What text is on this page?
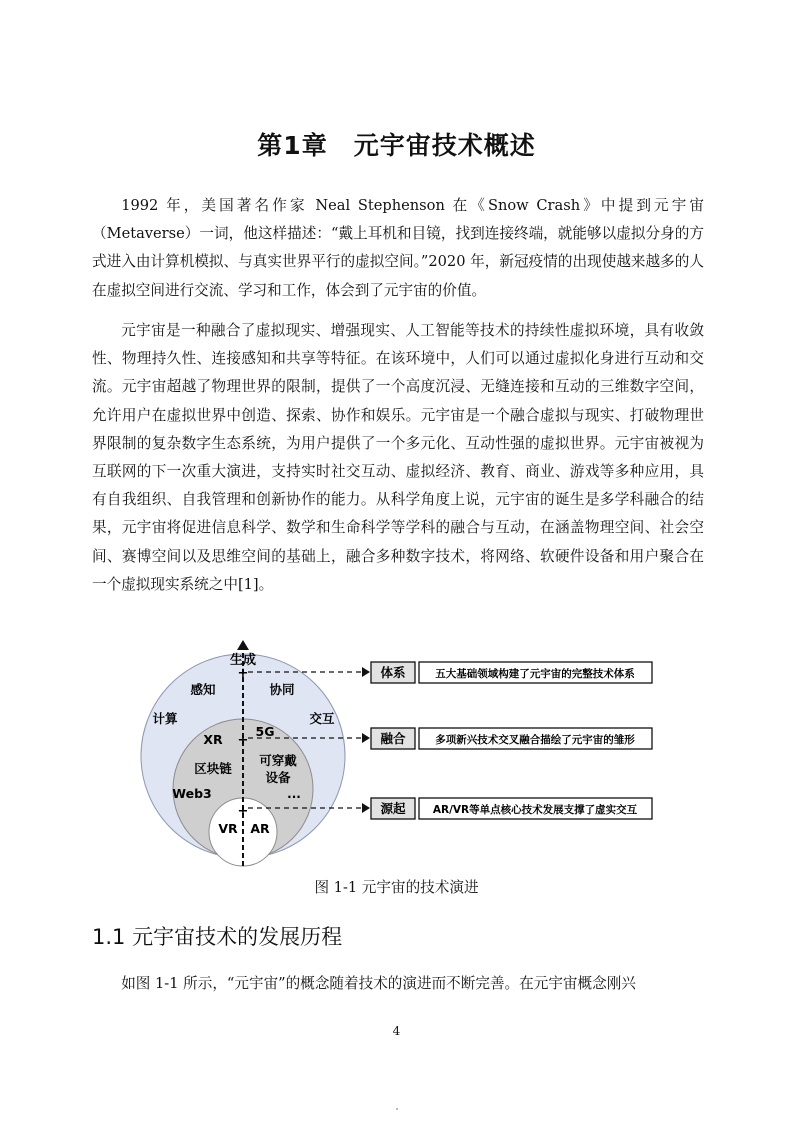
第1章　元宇宙技术概述

1992 年，美国著名作家 Neal Stephenson 在《Snow Crash》中提到元宇宙（Metaverse）一词，他这样描述：“戴上耳机和目镜，找到连接终端，就能够以虚拟分身的方式进入由计算机模拟、与真实世界平行的虚拟空间。”2020 年，新冠疫情的出现使越来越多的人在虚拟空间进行交流、学习和工作，体会到了元宇宙的价值。

元宇宙是一种融合了虚拟现实、增强现实、人工智能等技术的持续性虚拟环境，具有收敛性、物理持久性、连接感知和共享等特征。在该环境中，人们可以通过虚拟化身进行互动和交流。元宇宙超越了物理世界的限制，提供了一个高度沉浸、无缝连接和互动的三维数字空间，允许用户在虚拟世界中创造、探索、协作和娱乐。元宇宙是一个融合虚拟与现实、打破物理世界限制的复杂数字生态系统，为用户提供了一个多元化、互动性强的虚拟世界。元宇宙被视为互联网的下一次重大演进，支持实时社交互动、虚拟经济、教育、商业、游戏等多种应用，具有自我组织、自我管理和创新协作的能力。从科学角度上说，元宇宙的诞生是多学科融合的结果，元宇宙将促进信息科学、数学和生命科学等学科的融合与互动，在涵盖物理空间、社会空间、赛博空间以及思维空间的基础上，融合多种数字技术，将网络、软硬件设备和用户聚合在一个虚拟现实系统之中[1]。

+
+
+
生成
感知	协同
计算	交互
XR
5G
区块链
可穿戴
设备
Web3	...
VR AR
体系	五大基础领域构建了元宇宙的完整技术体系
融合	多项新兴技术交叉融合描绘了元宇宙的雏形
源起	AR/VR等单点核心技术发展支撑了虚实交互
图 1-1 元宇宙的技术演进
1.1 元宇宙技术的发展历程

如图 1-1 所示，“元宇宙”的概念随着技术的演进而不断完善。在元宇宙概念刚兴

4
